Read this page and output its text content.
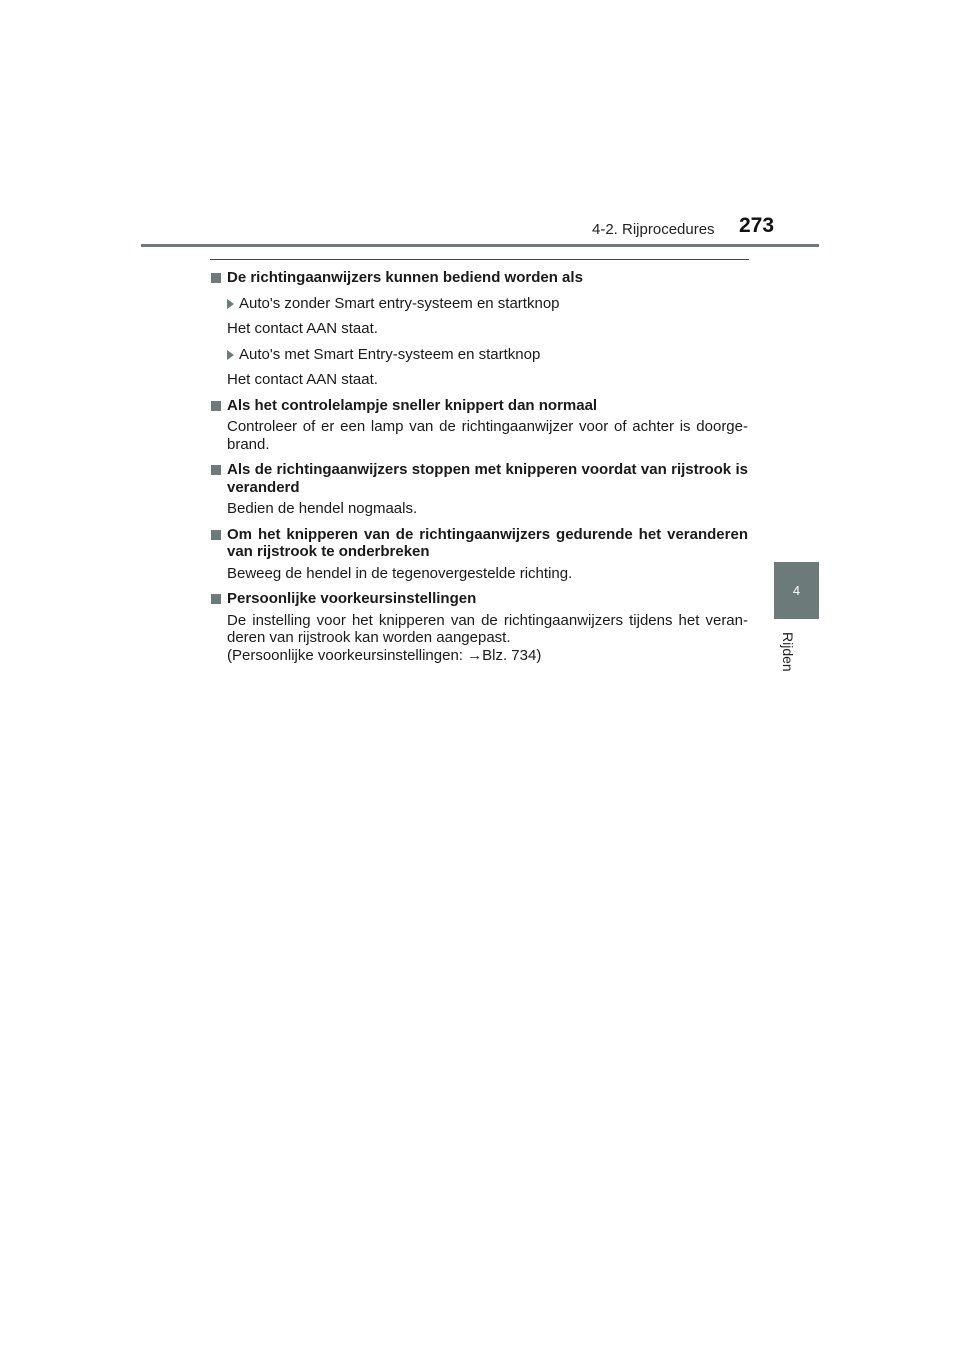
4-2. Rijprocedures 273
De richtingaanwijzers kunnen bediend worden als
Auto's zonder Smart entry-systeem en startknop
Het contact AAN staat.
Auto's met Smart Entry-systeem en startknop
Het contact AAN staat.
Als het controlelampje sneller knippert dan normaal
Controleer of er een lamp van de richtingaanwijzer voor of achter is doorge-brand.
Als de richtingaanwijzers stoppen met knipperen voordat van rijstrook is veranderd
Bedien de hendel nogmaals.
Om het knipperen van de richtingaanwijzers gedurende het veranderen van rijstrook te onderbreken
Beweeg de hendel in de tegenovergestelde richting.
Persoonlijke voorkeursinstellingen
De instelling voor het knipperen van de richtingaanwijzers tijdens het veran-deren van rijstrook kan worden aangepast.
(Persoonlijke voorkeursinstellingen: →Blz. 734)
4
Rijden
